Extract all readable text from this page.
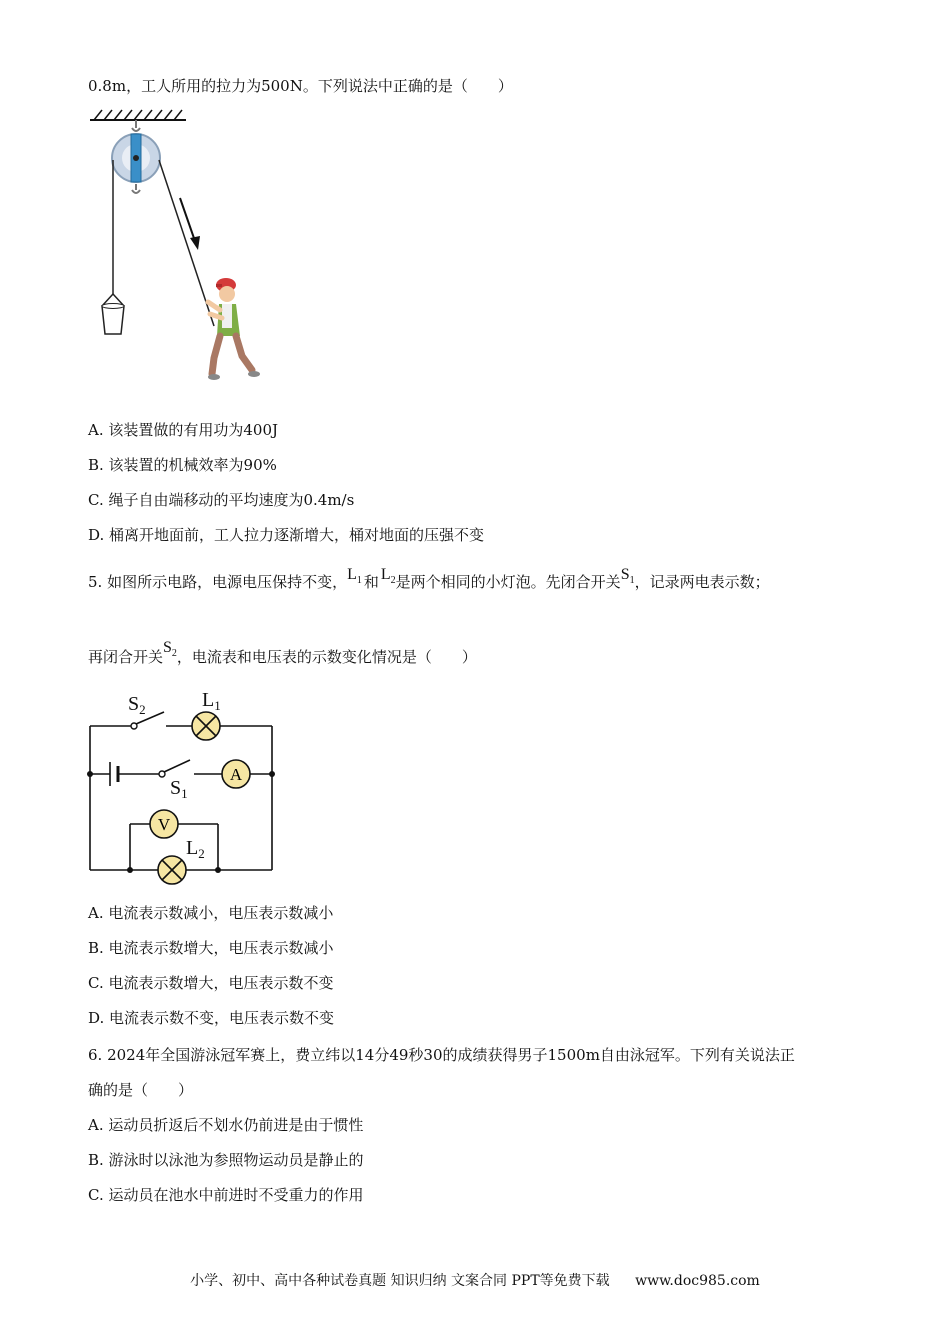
0.8m，工人所用的拉力为500N。下列说法中正确的是（　　）
A. 该装置做的有用功为400J
B. 该装置的机械效率为90%
C. 绳子自由端移动的平均速度为0.4m/s
D. 桶离开地面前，工人拉力逐渐增大，桶对地面的压强不变
5. 如图所示电路，电源电压保持不变，$L_1$ 和 $L_2$是两个相同的小灯泡。先闭合开关$S_1$，记录两电表示数；
再闭合开关$S_2$，电流表和电压表的示数变化情况是（　　）
A
V
$S_2$	$L_1$
$S_1$
$L_2$
A. 电流表示数减小，电压表示数减小
B. 电流表示数增大，电压表示数减小
C. 电流表示数增大，电压表示数不变
D. 电流表示数不变，电压表示数不变
6. 2024年全国游泳冠军赛上，费立纬以14分49秒30的成绩获得男子1500m自由泳冠军。下列有关说法正
确的是（　　）
A. 运动员折返后不划水仍前进是由于惯性
B. 游泳时以泳池为参照物运动员是静止的
C. 运动员在池水中前进时不受重力的作用
小学、初中、高中各种试卷真题 知识归纳 文案合同 PPT等免费下载 www.doc985.com
